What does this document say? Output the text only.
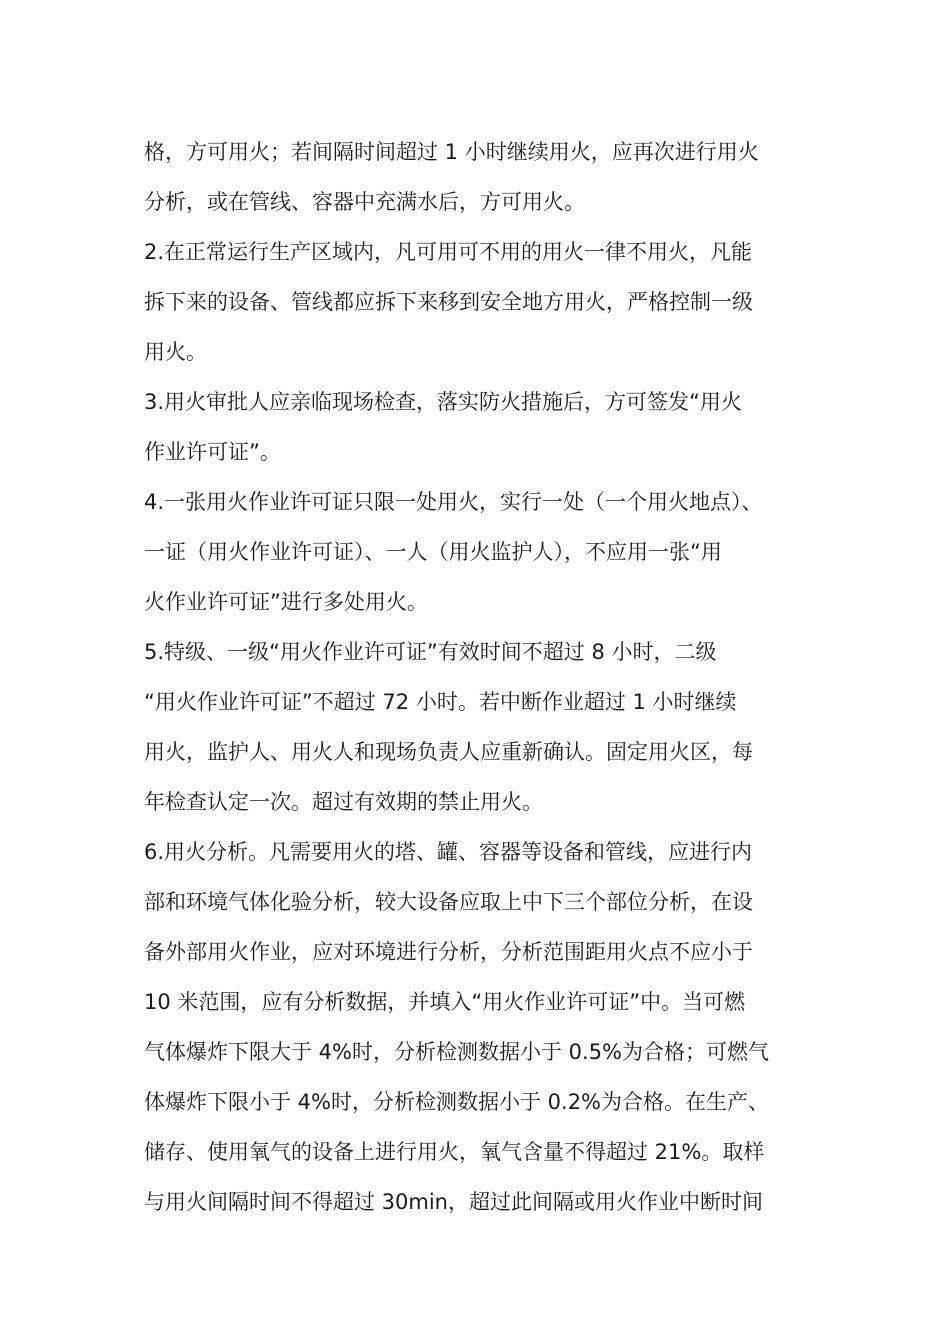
格，方可用火；若间隔时间超过 1 小时继续用火，应再次进行用火
分析，或在管线、容器中充满水后，方可用火。
2.在正常运行生产区域内，凡可用可不用的用火一律不用火，凡能
拆下来的设备、管线都应拆下来移到安全地方用火，严格控制一级
用火。
3.用火审批人应亲临现场检查，落实防火措施后，方可签发“用火
作业许可证”。
4.一张用火作业许可证只限一处用火，实行一处（一个用火地点）、
一证（用火作业许可证）、一人（用火监护人），不应用一张“用
火作业许可证”进行多处用火。
5.特级、一级“用火作业许可证”有效时间不超过 8 小时，二级
“用火作业许可证”不超过 72 小时。若中断作业超过 1 小时继续
用火，监护人、用火人和现场负责人应重新确认。固定用火区，每
年检查认定一次。超过有效期的禁止用火。
6.用火分析。凡需要用火的塔、罐、容器等设备和管线，应进行内
部和环境气体化验分析，较大设备应取上中下三个部位分析，在设
备外部用火作业，应对环境进行分析，分析范围距用火点不应小于
10 米范围，应有分析数据，并填入“用火作业许可证”中。当可燃
气体爆炸下限大于 4%时，分析检测数据小于 0.5%为合格；可燃气
体爆炸下限小于 4%时，分析检测数据小于 0.2%为合格。在生产、
储存、使用氧气的设备上进行用火，氧气含量不得超过 21%。取样
与用火间隔时间不得超过 30min，超过此间隔或用火作业中断时间
